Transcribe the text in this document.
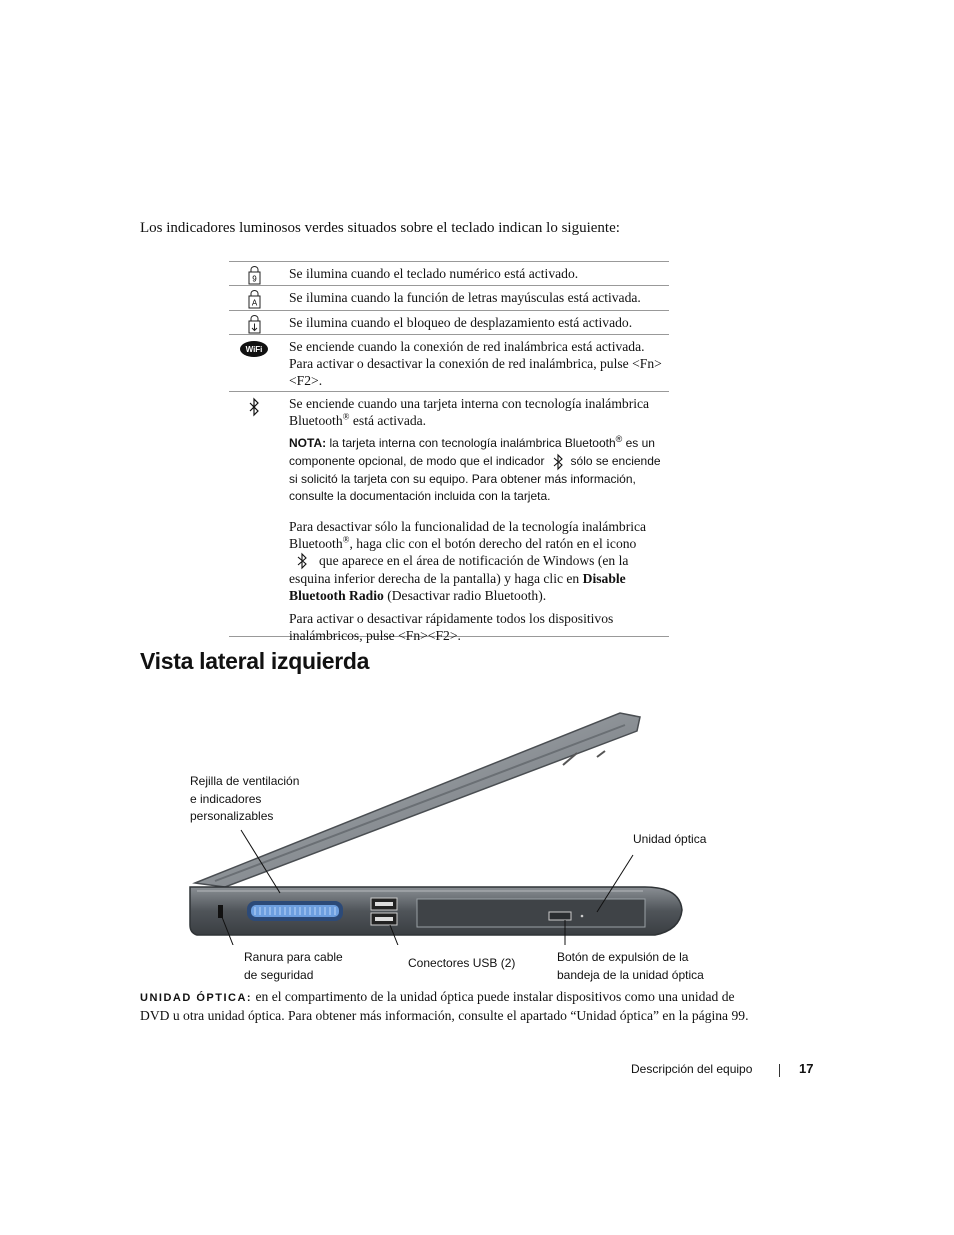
Los indicadores luminosos verdes situados sobre el teclado indican lo siguiente:
9 Se ilumina cuando el teclado numérico está activado.
A Se ilumina cuando la función de letras mayúsculas está activada.
Se ilumina cuando el bloqueo de desplazamiento está activado.
WiFi Se enciende cuando la conexión de red inalámbrica está activada. Para activar o desactivar la conexión de red inalámbrica, pulse <Fn><F2>.

Se enciende cuando una tarjeta interna con tecnología inalámbrica Bluetooth® está activada.

NOTA: la tarjeta interna con tecnología inalámbrica Bluetooth® es un componente opcional, de modo que el indicador sólo se enciende si solicitó la tarjeta con su equipo. Para obtener más información, consulte la documentación incluida con la tarjeta.

Para desactivar sólo la funcionalidad de la tecnología inalámbrica Bluetooth®, haga clic con el botón derecho del ratón en el icono
que aparece en el área de notificación de Windows (en la esquina inferior derecha de la pantalla) y haga clic en Disable Bluetooth Radio (Desactivar radio Bluetooth).

Para activar o desactivar rápidamente todos los dispositivos inalámbricos, pulse <Fn><F2>.

Vista lateral izquierda
Rejilla de ventilación
e indicadores
personalizables
Unidad óptica
Ranura para cable
de seguridad
Conectores USB (2)	Botón de expulsión de la
bandeja de la unidad óptica
UNIDAD ÓPTICA: en el compartimento de la unidad óptica puede instalar dispositivos como una unidad de DVD u otra unidad óptica. Para obtener más información, consulte el apartado “Unidad óptica” en la página 99.
Descripción del equipo	17
